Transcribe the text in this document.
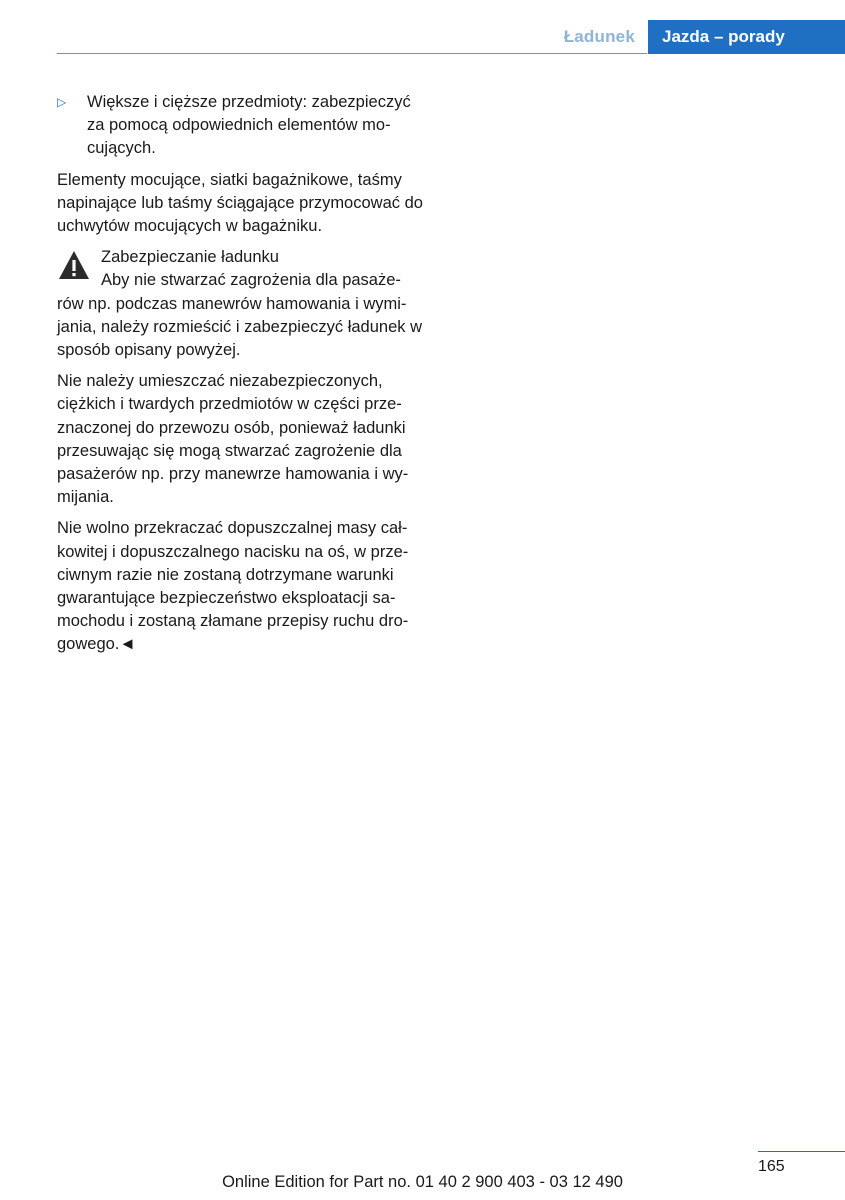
Ładunek Jazda – porady
▷	Większe i cięższe przedmioty: zabezpieczyć za pomocą odpowiednich elementów mo-cujących.

Elementy mocujące, siatki bagażnikowe, taśmy napinające lub taśmy ściągające przymocować do uchwytów mocujących w bagażniku.

Zabezpieczanie ładunku
Aby nie stwarzać zagrożenia dla pasaże-
rów np. podczas manewrów hamowania i wymi-jania, należy rozmieścić i zabezpieczyć ładunek w sposób opisany powyżej.

Nie należy umieszczać niezabezpieczonych, ciężkich i twardych przedmiotów w części prze-znaczonej do przewozu osób, ponieważ ładunki przesuwając się mogą stwarzać zagrożenie dla pasażerów np. przy manewrze hamowania i wy-mijania.

Nie wolno przekraczać dopuszczalnej masy cał-kowitej i dopuszczalnego nacisku na oś, w prze-ciwnym razie nie zostaną dotrzymane warunki gwarantujące bezpieczeństwo eksploatacji sa-mochodu i zostaną złamane przepisy ruchu dro-gowego.◄

165
Online Edition for Part no. 01 40 2 900 403 - 03 12 490
